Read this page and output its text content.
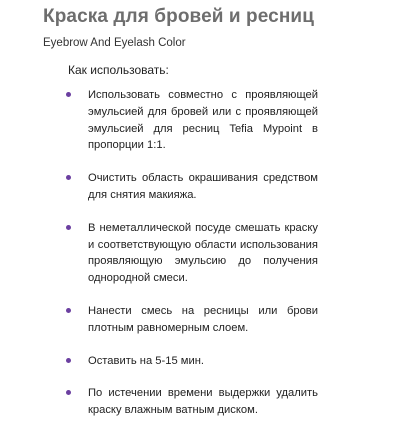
Краска для бровей и ресниц
Eyebrow And Eyelash Color
Как использовать:
Использовать совместно с проявляющей эмульсией для бровей или с проявляющей эмульсией для ресниц Tefia Mypoint в пропорции 1:1.
Очистить область окрашивания средством для снятия макияжа.
В неметаллической посуде смешать краску и соответствующую области использования проявляющую эмульсию до получения однородной смеси.
Нанести смесь на ресницы или брови плотным равномерным слоем.
Оставить на 5-15 мин.
По истечении времени выдержки удалить краску влажным ватным диском.
